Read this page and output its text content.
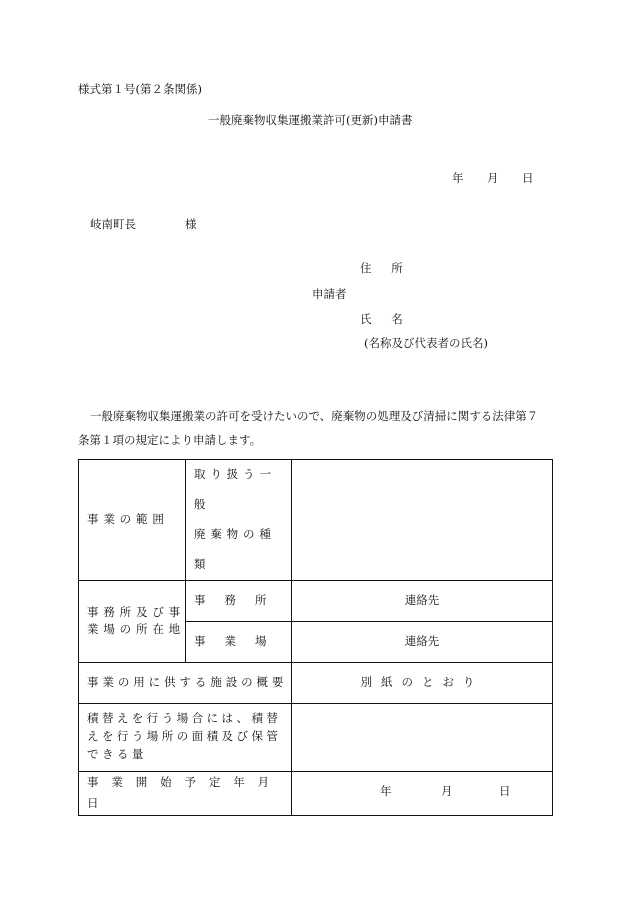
様式第１号(第２条関係)
一般廃棄物収集運搬業許可(更新)申請書
年 月 日
岐南町長	様
住 所
申請者
氏 名
(名称及び代表者の氏名)
一般廃棄物収集運搬業の許可を受けたいので、廃棄物の処理及び清掃に関する法律第７
条第１項の規定により申請します。
事業の範囲	取り扱う一般
廃棄物の種類	

事務所及び事
業場の所在地	事務所	連絡先
	事業場	連絡先
事業の用に供する施設の概要		別紙のとおり

積替えを行う場合には、積替
えを行う場所の面積及び保管
できる量		

事業開始予定年月日		年 月 日
